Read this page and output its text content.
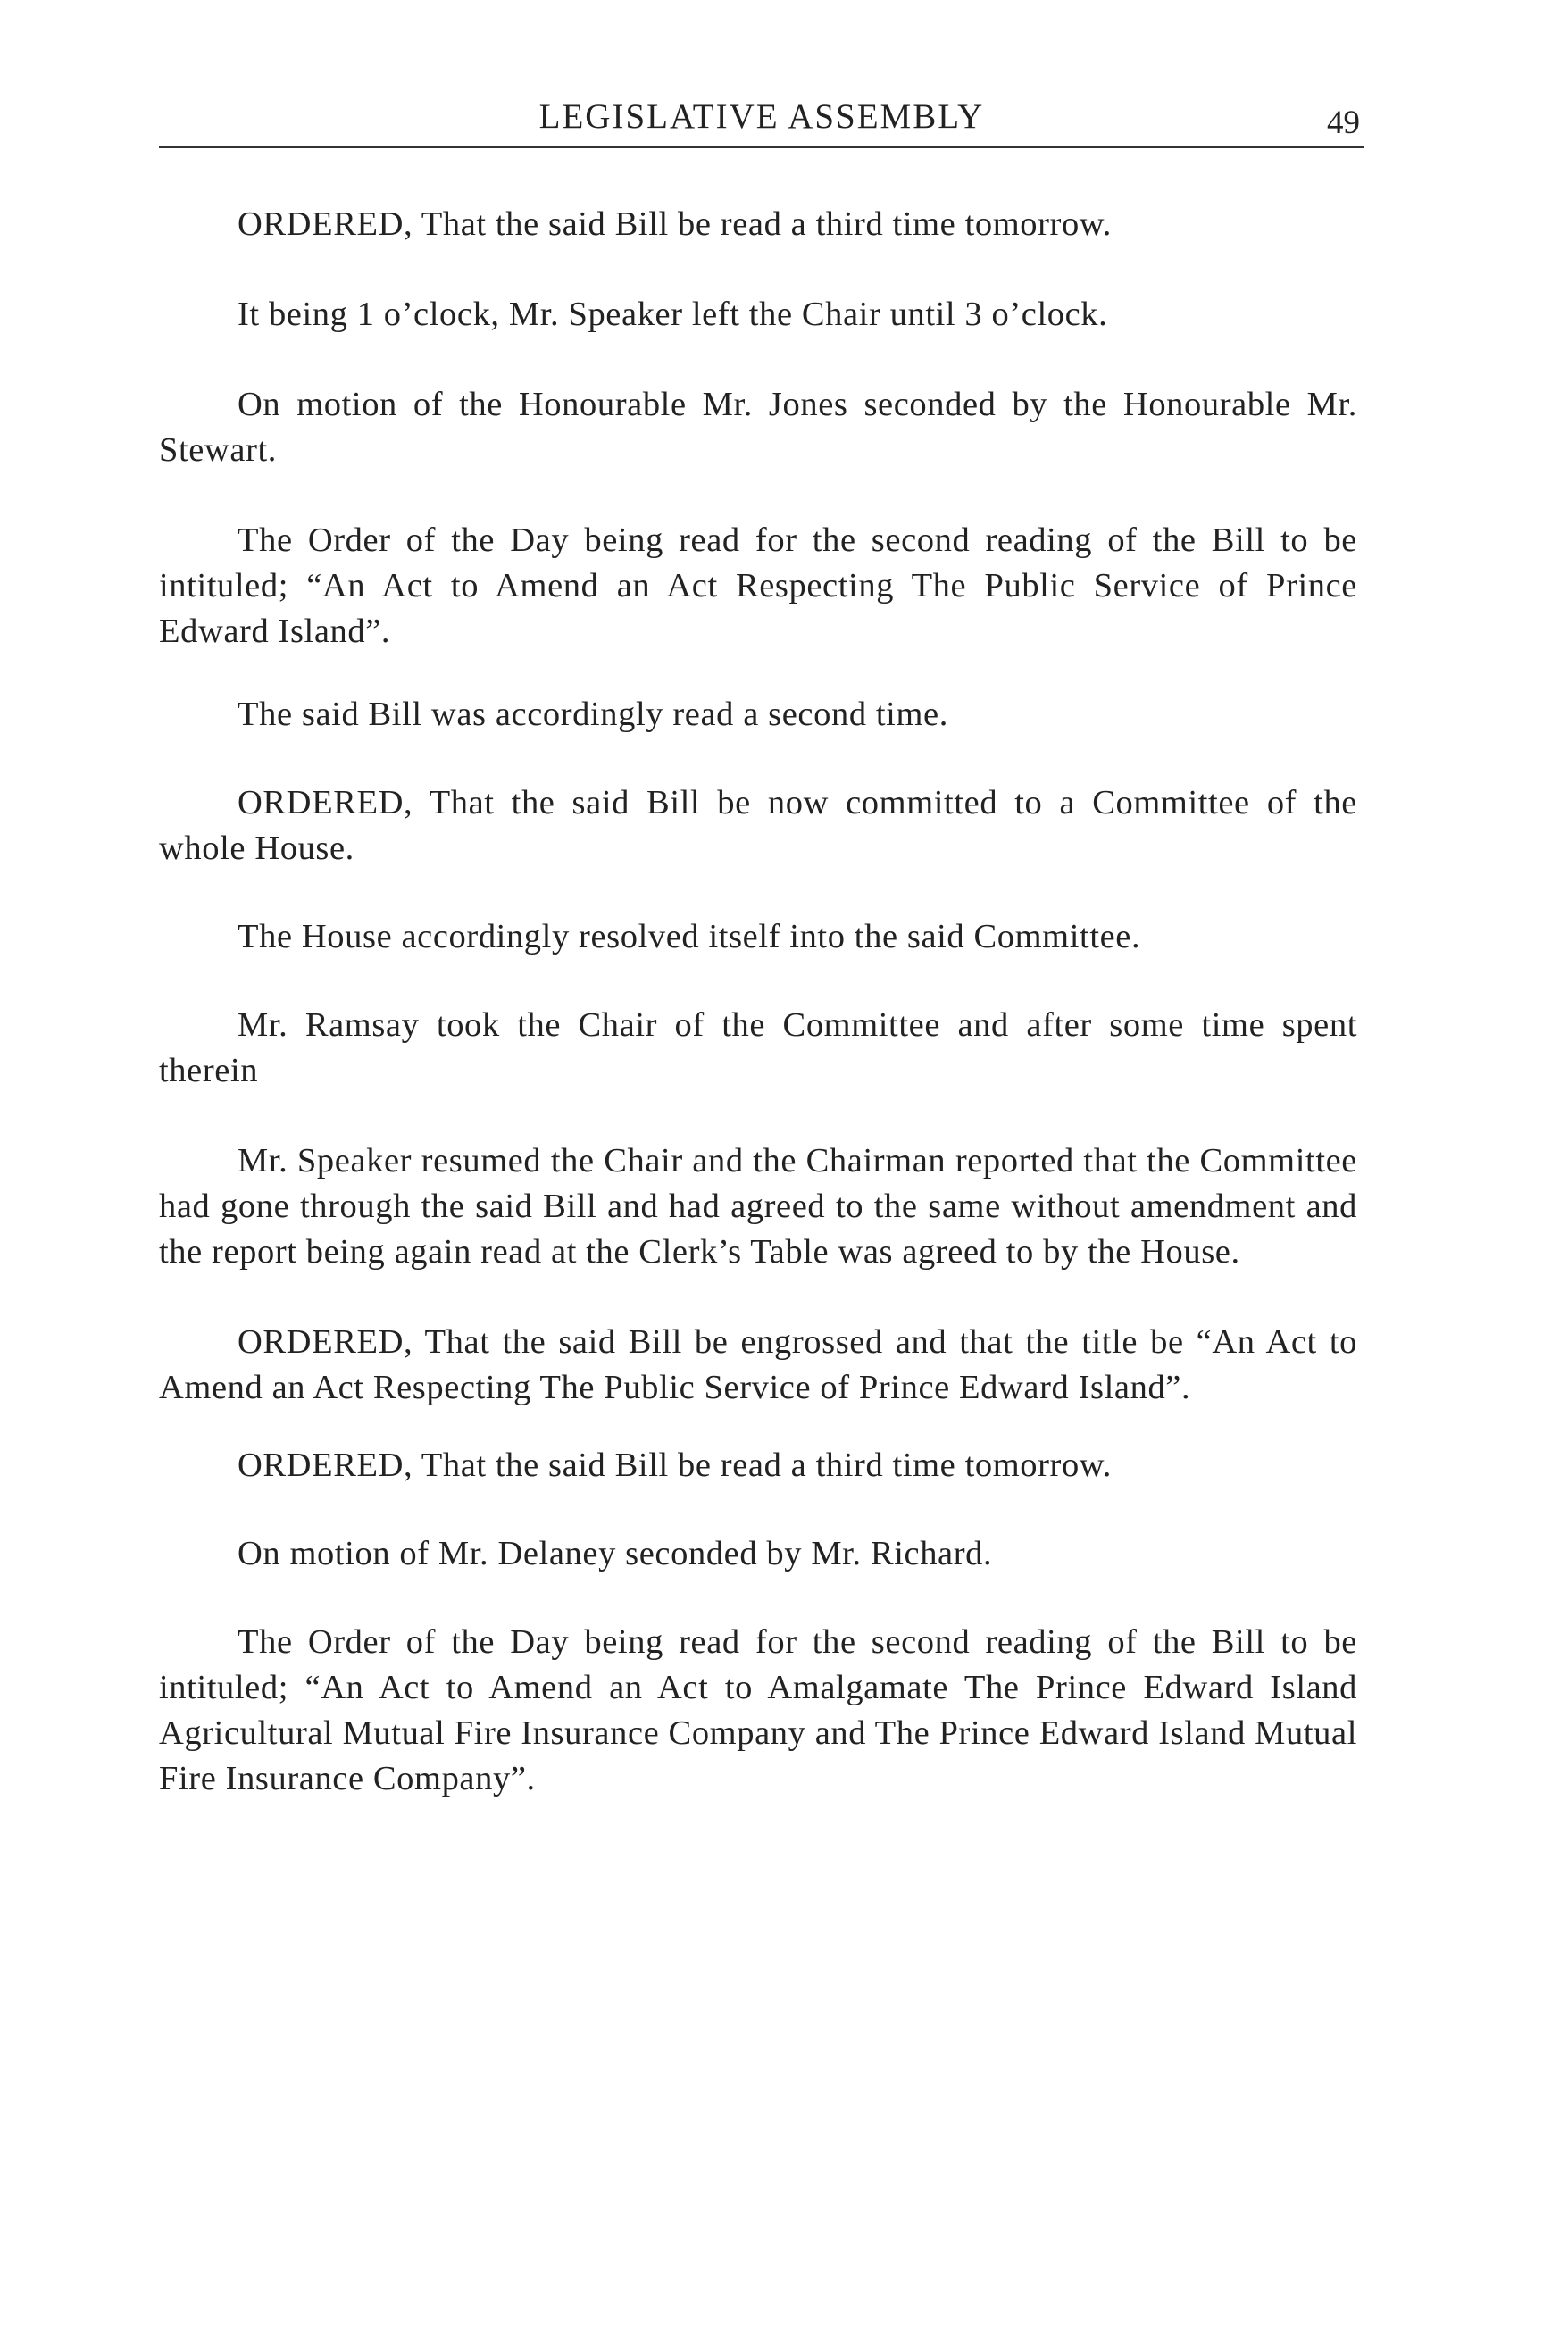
LEGISLATIVE ASSEMBLY	49

ORDERED, That the said Bill be read a third time tomorrow.

It being 1 o’clock, Mr. Speaker left the Chair until 3 o’clock.

On motion of the Honourable Mr. Jones seconded by the Honourable Mr. Stewart.

The Order of the Day being read for the second reading of the Bill to be intituled; “An Act to Amend an Act Respecting The Public Service of Prince Edward Island”.

The said Bill was accordingly read a second time.

ORDERED, That the said Bill be now committed to a Committee of the whole House.

The House accordingly resolved itself into the said Committee.

Mr. Ramsay took the Chair of the Committee and after some time spent therein

Mr. Speaker resumed the Chair and the Chairman reported that the Committee had gone through the said Bill and had agreed to the same without amendment and the report being again read at the Clerk’s Table was agreed to by the House.

ORDERED, That the said Bill be engrossed and that the title be “An Act to Amend an Act Respecting The Public Service of Prince Edward Island”.

ORDERED, That the said Bill be read a third time tomorrow.

On motion of Mr. Delaney seconded by Mr. Richard.

The Order of the Day being read for the second reading of the Bill to be intituled; “An Act to Amend an Act to Amalgamate The Prince Edward Island Agricultural Mutual Fire Insurance Company and The Prince Edward Island Mutual Fire Insurance Company”.
